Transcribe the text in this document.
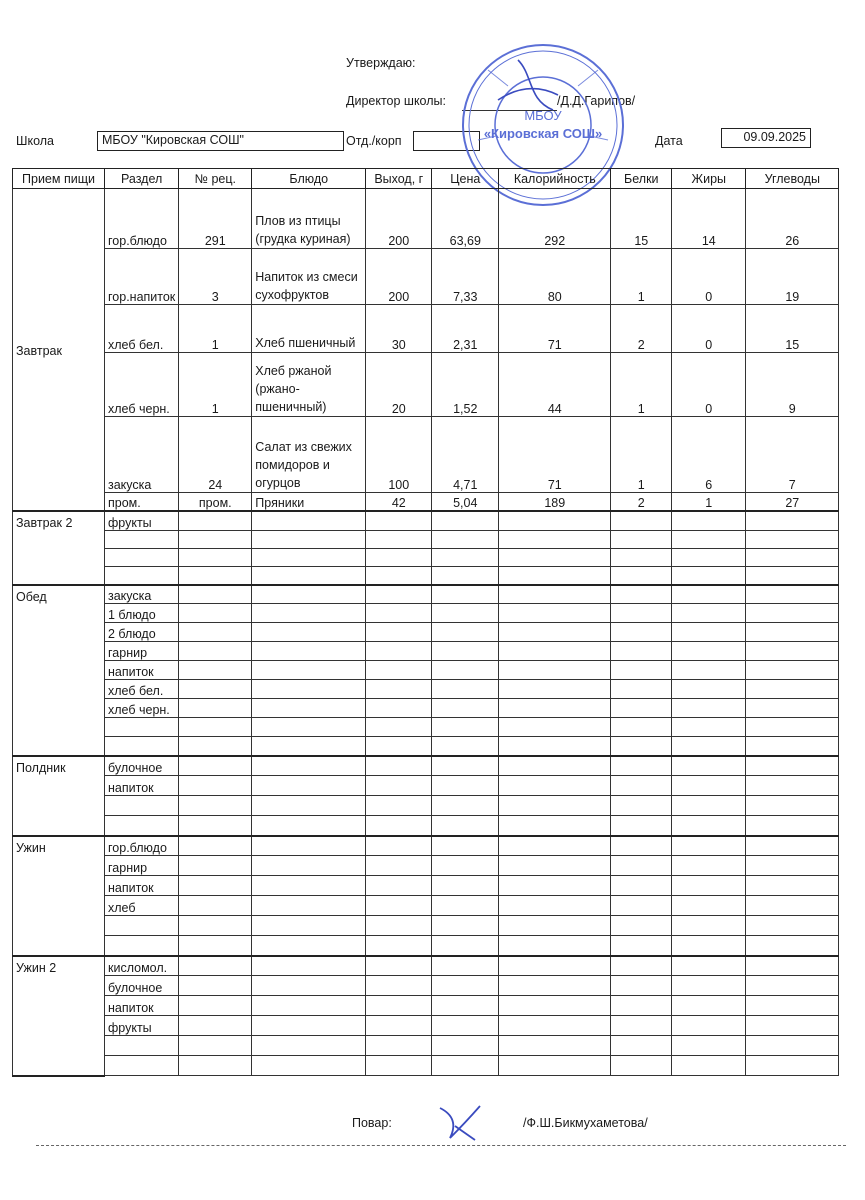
Утверждаю:
Директор школы:	/Д.Д.Гарипов/
Школа	МБОУ "Кировская СОШ"	Отд./корп	Дата	09.09.2025
МБОУ
«Кировская СОШ»
Прием пищи	Раздел	№ рец.	Блюдо	Выход, г	Цена	Калорийность	Белки	Жиры	Углеводы
Завтрак	гор.блюдо	291	Плов из птицы (грудка куриная)	200	63,69	292	15	14	26
	гор.напиток	3	Напиток из смеси сухофруктов	200	7,33	80	1	0	19
	хлеб бел.	1	Хлеб пшеничный	30	2,31	71	2	0	15
	хлеб черн.	1	Хлеб ржаной (ржано-пшеничный)	20	1,52	44	1	0	9
	закуска	24	Салат из свежих помидоров и огурцов	100	4,71	71	1	6	7
	пром.	пром.	Пряники	42	5,04	189	2	1	27
Завтрак 2	фрукты								

Обед	закуска								
	1 блюдо								
	2 блюдо								
	гарнир								
	напиток								
	хлеб бел.								
	хлеб черн.								

Полдник	булочное								
	напиток								

Ужин	гор.блюдо								
	гарнир								
	напиток								
	хлеб								

Ужин 2	кисломол.								
	булочное								
	напиток								
	фрукты								

Повар:	/Ф.Ш.Бикмухаметова/
